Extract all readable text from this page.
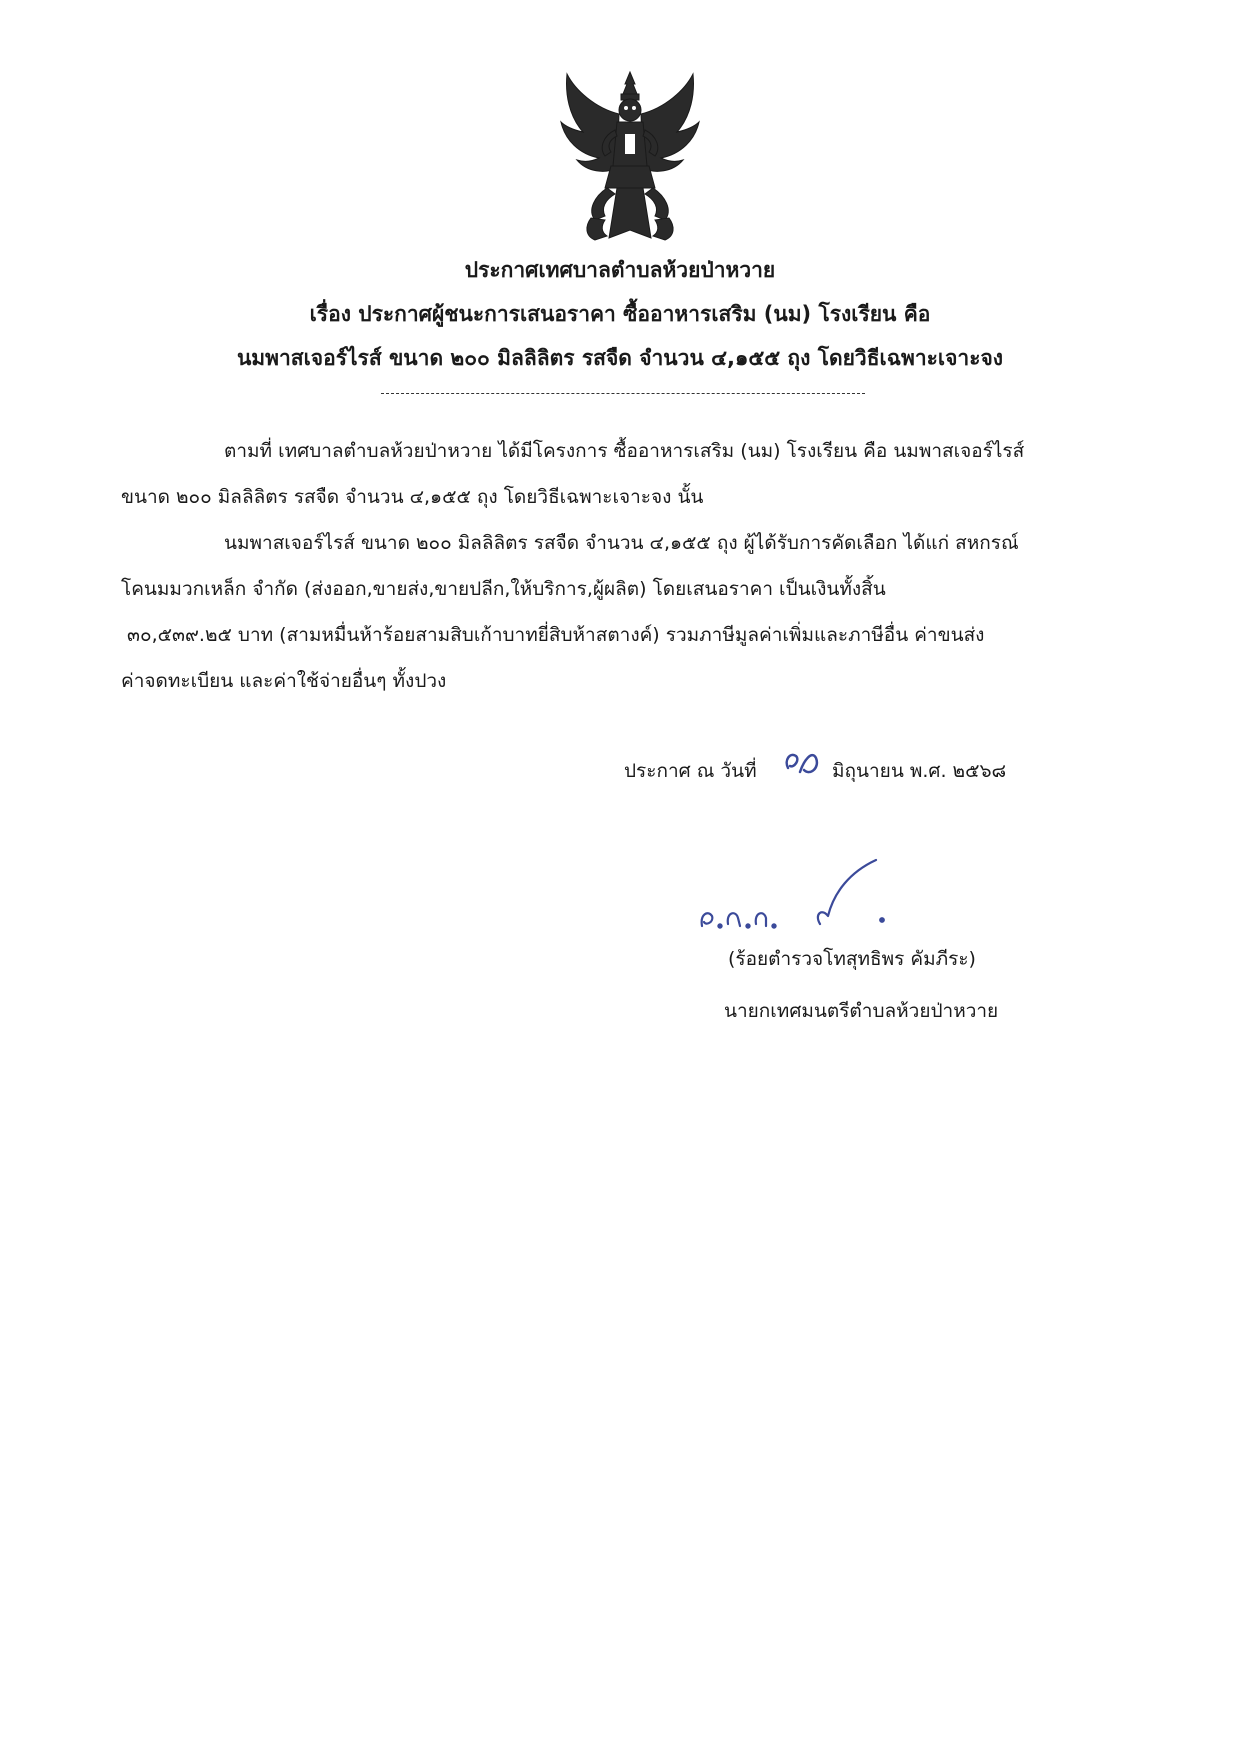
ประกาศเทศบาลตำบลห้วยป่าหวาย
เรื่อง ประกาศผู้ชนะการเสนอราคา ซื้ออาหารเสริม (นม) โรงเรียน คือ
นมพาสเจอร์ไรส์ ขนาด ๒๐๐ มิลลิลิตร รสจืด จำนวน ๔,๑๕๕ ถุง โดยวิธีเฉพาะเจาะจง
ตามที่ เทศบาลตำบลห้วยป่าหวาย ได้มีโครงการ ซื้ออาหารเสริม (นม) โรงเรียน คือ นมพาสเจอร์ไรส์
ขนาด ๒๐๐ มิลลิลิตร รสจืด จำนวน ๔,๑๕๕ ถุง โดยวิธีเฉพาะเจาะจง นั้น
นมพาสเจอร์ไรส์ ขนาด ๒๐๐ มิลลิลิตร รสจืด จำนวน ๔,๑๕๕ ถุง ผู้ได้รับการคัดเลือก ได้แก่ สหกรณ์
โคนมมวกเหล็ก จำกัด (ส่งออก,ขายส่ง,ขายปลีก,ให้บริการ,ผู้ผลิต) โดยเสนอราคา เป็นเงินทั้งสิ้น
๓๐,๕๓๙.๒๕ บาท (สามหมื่นห้าร้อยสามสิบเก้าบาทยี่สิบห้าสตางค์) รวมภาษีมูลค่าเพิ่มและภาษีอื่น ค่าขนส่ง
ค่าจดทะเบียน และค่าใช้จ่ายอื่นๆ ทั้งปวง
ประกาศ ณ วันที่	มิถุนายน พ.ศ. ๒๕๖๘
(ร้อยตำรวจโทสุทธิพร คัมภีระ)
นายกเทศมนตรีตำบลห้วยป่าหวาย
